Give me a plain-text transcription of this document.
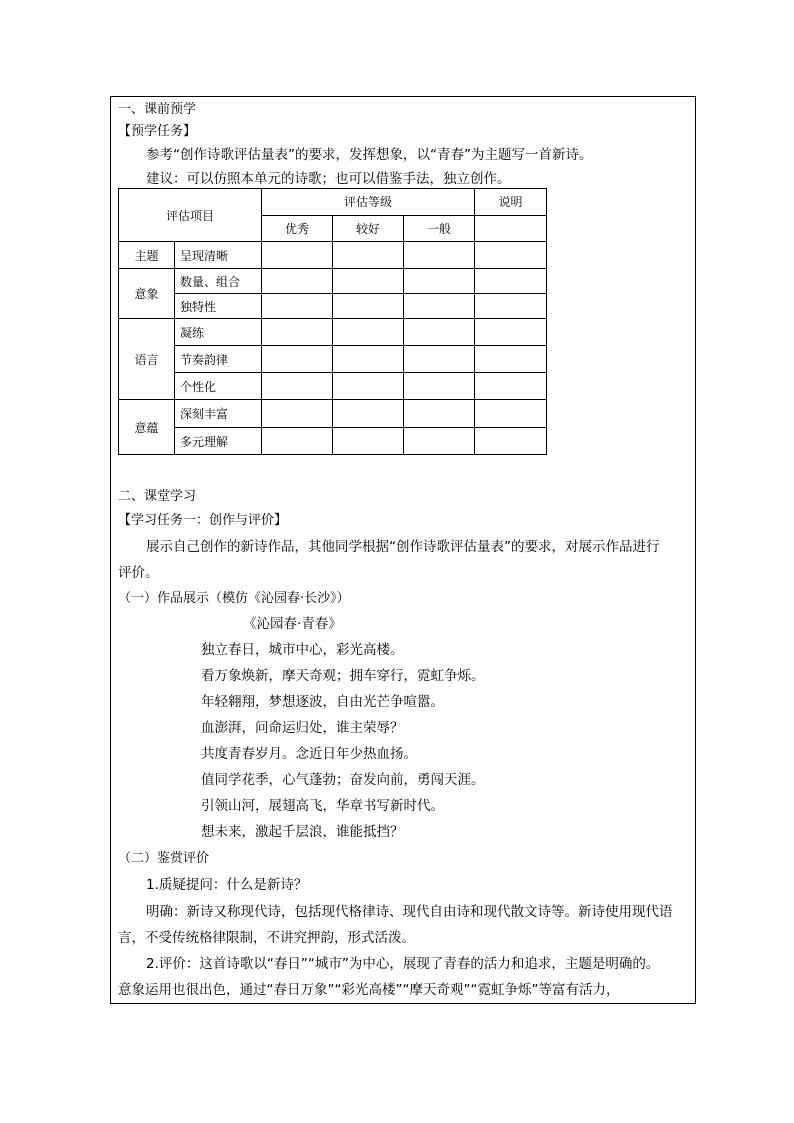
一、课前预学
【预学任务】
参考“创作诗歌评估量表”的要求，发挥想象，以“青春”为主题写一首新诗。
建议：可以仿照本单元的诗歌；也可以借鉴手法，独立创作。
评估项目		评估等级			说明
		优秀	较好	一般	
主题	呈现清晰				
意象	数量、组合				
	独特性				
语言	凝练				
	节奏韵律				
	个性化				
意蕴	深刻丰富				
	多元理解				
二、课堂学习
【学习任务一：创作与评价】
展示自己创作的新诗作品，其他同学根据“创作诗歌评估量表”的要求，对展示作品进行
评价。
（一）作品展示（模仿《沁园春·长沙》）
《沁园春·青春》
独立春日，城市中心，彩光高楼。
看万象焕新，摩天奇观；拥车穿行，霓虹争烁。
年轻翱翔，梦想逐波，自由光芒争喧嚣。
血澎湃，问命运归处，谁主荣辱？
共度青春岁月。念近日年少热血扬。
值同学花季，心气蓬勃；奋发向前，勇闯天涯。
引领山河，展翅高飞，华章书写新时代。
想未来，激起千层浪，谁能抵挡？
（二）鉴赏评价
1.质疑提问：什么是新诗？
明确：新诗又称现代诗，包括现代格律诗、现代自由诗和现代散文诗等。新诗使用现代语
言，不受传统格律限制，不讲究押韵，形式活泼。
2.评价：这首诗歌以“春日”“城市”为中心，展现了青春的活力和追求，主题是明确的。
意象运用也很出色，通过“春日万象”“彩光高楼”“摩天奇观”“霓虹争烁”等富有活力，
